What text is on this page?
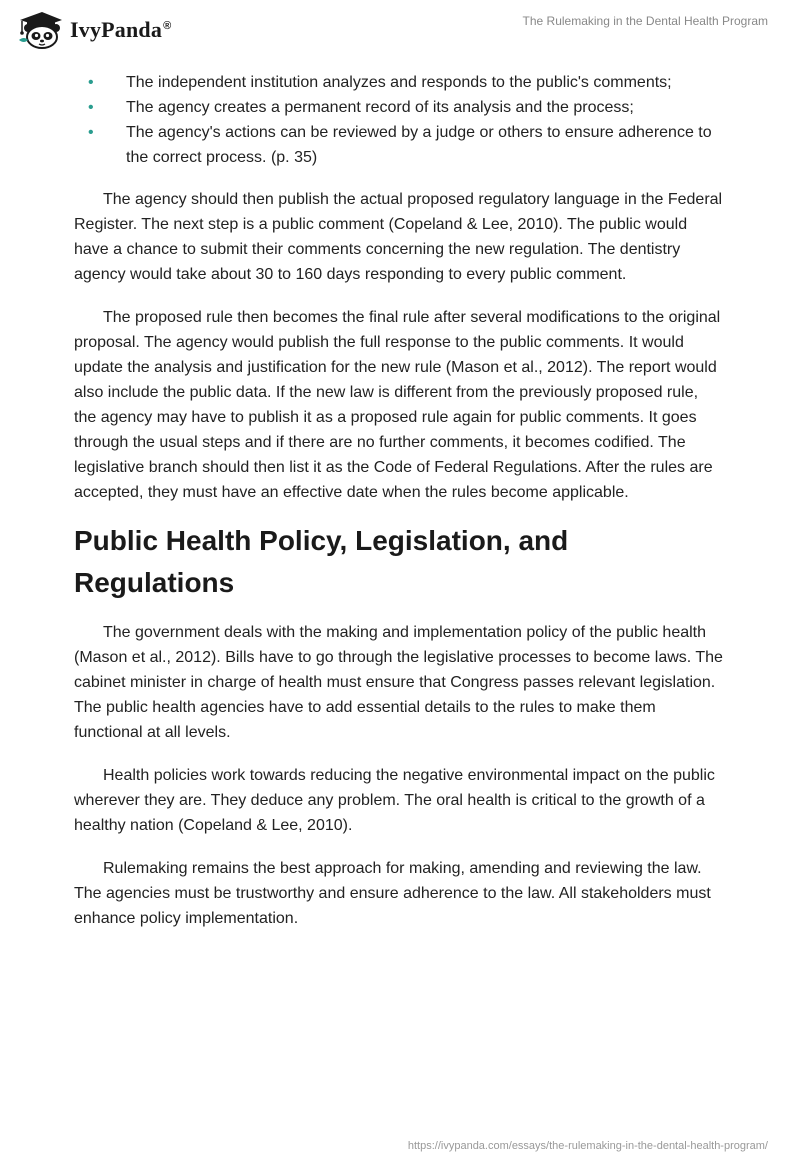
IvyPanda®	The Rulemaking in the Dental Health Program
• The independent institution analyzes and responds to the public's comments;
• The agency creates a permanent record of its analysis and the process;
• The agency's actions can be reviewed by a judge or others to ensure adherence to the correct process. (p. 35)

The agency should then publish the actual proposed regulatory language in the Federal Register. The next step is a public comment (Copeland & Lee, 2010). The public would have a chance to submit their comments concerning the new regulation. The dentistry agency would take about 30 to 160 days responding to every public comment.

The proposed rule then becomes the final rule after several modifications to the original proposal. The agency would publish the full response to the public comments. It would update the analysis and justification for the new rule (Mason et al., 2012). The report would also include the public data. If the new law is different from the previously proposed rule, the agency may have to publish it as a proposed rule again for public comments. It goes through the usual steps and if there are no further comments, it becomes codified. The legislative branch should then list it as the Code of Federal Regulations. After the rules are accepted, they must have an effective date when the rules become applicable.

Public Health Policy, Legislation, and Regulations

The government deals with the making and implementation policy of the public health (Mason et al., 2012). Bills have to go through the legislative processes to become laws. The cabinet minister in charge of health must ensure that Congress passes relevant legislation. The public health agencies have to add essential details to the rules to make them functional at all levels.

Health policies work towards reducing the negative environmental impact on the public wherever they are. They deduce any problem. The oral health is critical to the growth of a healthy nation (Copeland & Lee, 2010).

Rulemaking remains the best approach for making, amending and reviewing the law. The agencies must be trustworthy and ensure adherence to the law. All stakeholders must enhance policy implementation.

https://ivypanda.com/essays/the-rulemaking-in-the-dental-health-program/
